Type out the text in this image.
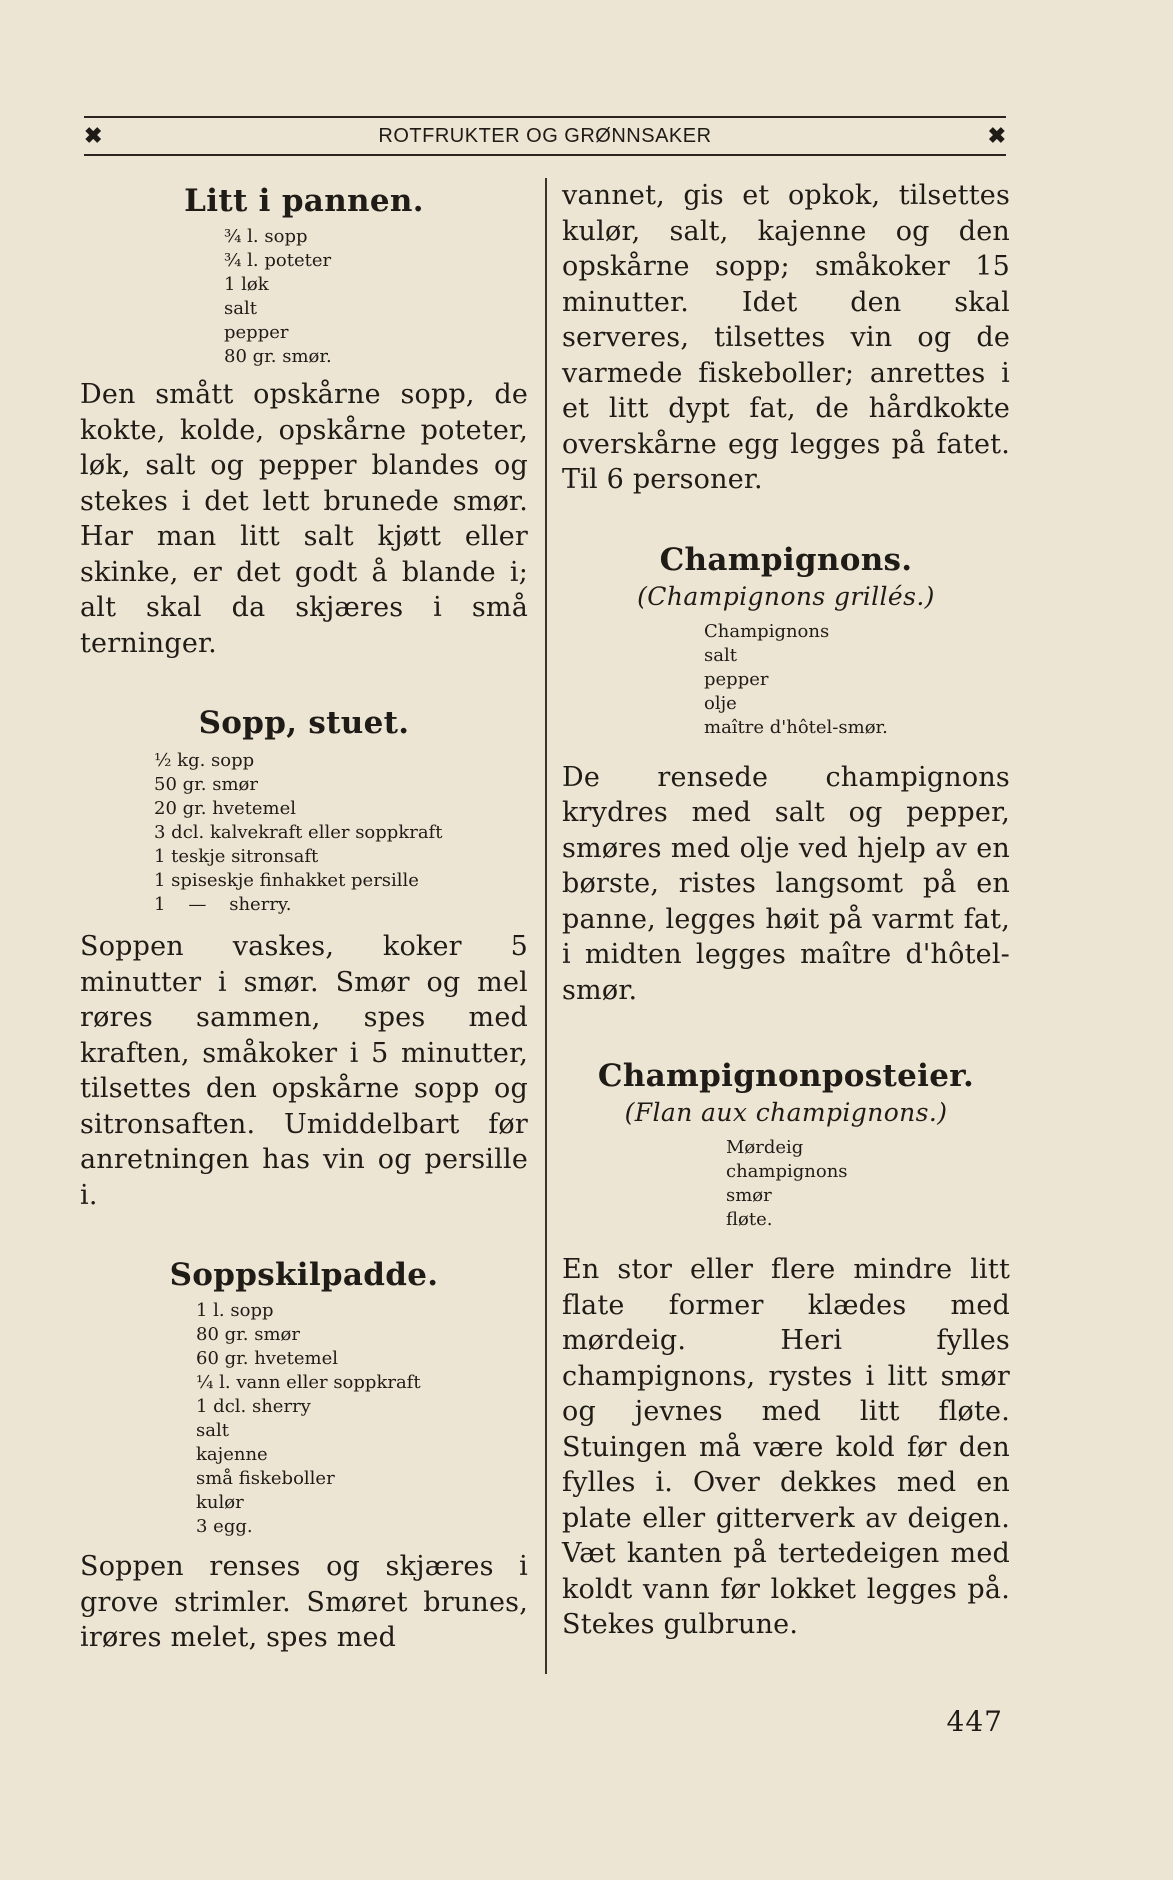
✖	ROTFRUKTER OG GRØNNSAKER	✖
Litt i pannen.
¾ l. sopp
¾ l. poteter
1 løk
salt
pepper
80 gr. smør.

Den smått opskårne sopp, de kokte, kolde, opskårne poteter, løk, salt og pepper blandes og stekes i det lett brunede smør. Har man litt salt kjøtt eller skinke, er det godt å blande i; alt skal da skjæres i små terninger.

Sopp, stuet.
½ kg. sopp
50 gr. smør
20 gr. hvetemel
3 dcl. kalvekraft eller soppkraft
1 teskje sitronsaft
1 spiseskje finhakket persille
1    —    sherry.

Soppen vaskes, koker 5 minutter i smør. Smør og mel røres sammen, spes med kraften, småkoker i 5 minutter, tilsettes den opskårne sopp og sitronsaften. Umiddelbart før anretningen has vin og persille i.

Soppskilpadde.
1 l. sopp
80 gr. smør
60 gr. hvetemel
¼ l. vann eller soppkraft
1 dcl. sherry
salt
kajenne
små fiskeboller
kulør
3 egg.

Soppen renses og skjæres i grove strimler. Smøret brunes, irøres melet, spes med

vannet, gis et opkok, tilsettes kulør, salt, kajenne og den opskårne sopp; småkoker 15 minutter. Idet den skal serveres, tilsettes vin og de varmede fiskeboller; anrettes i et litt dypt fat, de hårdkokte overskårne egg legges på fatet. Til 6 personer.

Champignons.

(Champignons grillés.)

Champignons
salt
pepper
olje
maître d'hôtel-smør.

De rensede champignons krydres med salt og pepper, smøres med olje ved hjelp av en børste, ristes langsomt på en panne, legges høit på varmt fat, i midten legges maître d'hôtel-smør.

Champignonposteier.

(Flan aux champignons.)

Mørdeig
champignons
smør
fløte.

En stor eller flere mindre litt flate former klædes med mørdeig. Heri fylles champignons, rystes i litt smør og jevnes med litt fløte. Stuingen må være kold før den fylles i. Over dekkes med en plate eller gitterverk av deigen. Væt kanten på tertedeigen med koldt vann før lokket legges på. Stekes gulbrune.

447
